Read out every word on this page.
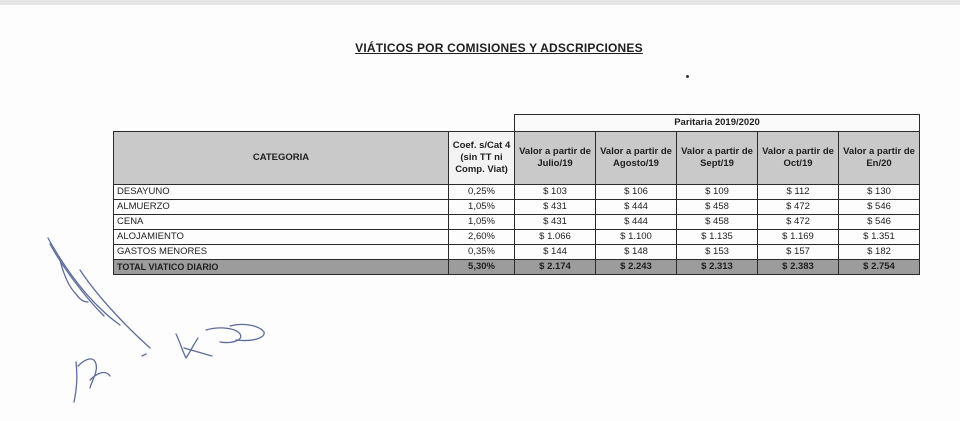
VIÁTICOS POR COMISIONES Y ADSCRIPCIONES
		Paritaria 2019/2020				
CATEGORIA	Coef. s/Cat 4 (sin TT ni Comp. Viat)	Valor a partir de Julio/19	Valor a partir de Agosto/19	Valor a partir de Sept/19	Valor a partir de Oct/19	Valor a partir de En/20
DESAYUNO	0,25%	$ 103	$ 106	$ 109	$ 112	$ 130
ALMUERZO	1,05%	$ 431	$ 444	$ 458	$ 472	$ 546
CENA	1,05%	$ 431	$ 444	$ 458	$ 472	$ 546
ALOJAMIENTO	2,60%	$ 1.066	$ 1.100	$ 1.135	$ 1.169	$ 1.351
GASTOS MENORES	0,35%	$ 144	$ 148	$ 153	$ 157	$ 182
TOTAL VIATICO DIARIO	5,30%	$ 2.174	$ 2.243	$ 2.313	$ 2.383	$ 2.754
